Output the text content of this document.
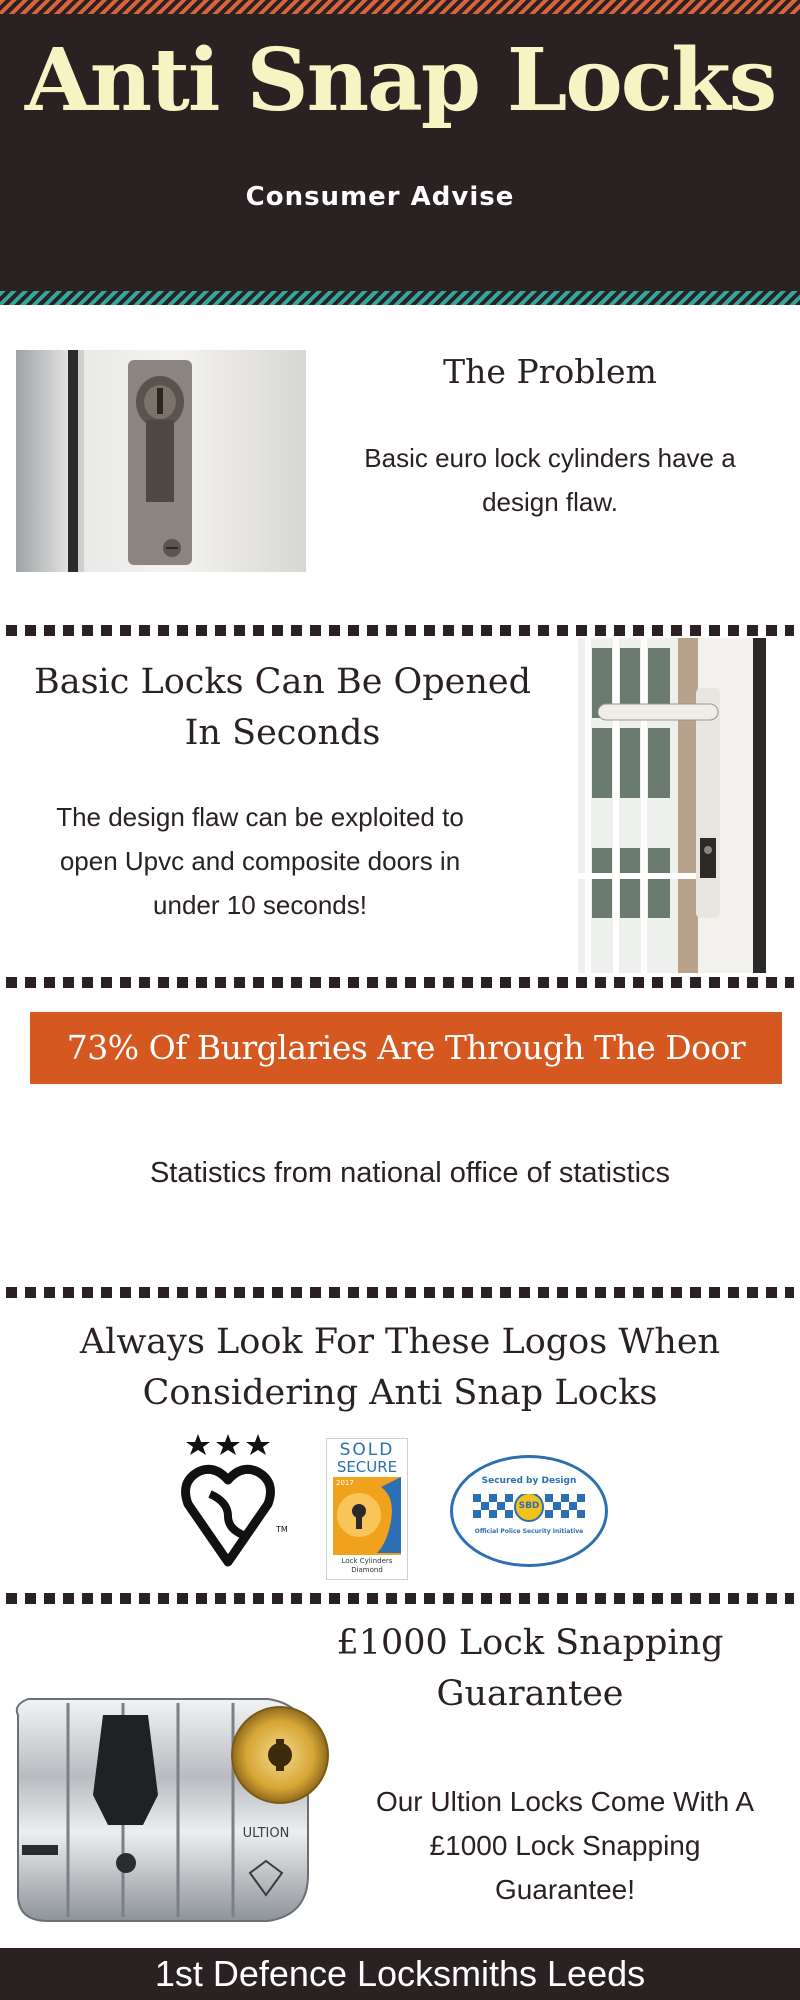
Anti Snap Locks
Consumer Advise
The Problem
Basic euro lock cylinders have a design flaw.
Basic Locks Can Be Opened In Seconds
The design flaw can be exploited to open Upvc and composite doors in under 10 seconds!
73% Of Burglaries Are Through The Door
Statistics from national office of statistics
Always Look For These Logos When Considering Anti Snap Locks
TM
SOLD
SECURE
2017
Lock Cylinders
Diamond
Secured by Design
SBD
Official Police Security Initiative
ULTION
£1000 Lock Snapping Guarantee
Our Ultion Locks Come With A £1000 Lock Snapping Guarantee!
1st Defence Locksmiths Leeds
